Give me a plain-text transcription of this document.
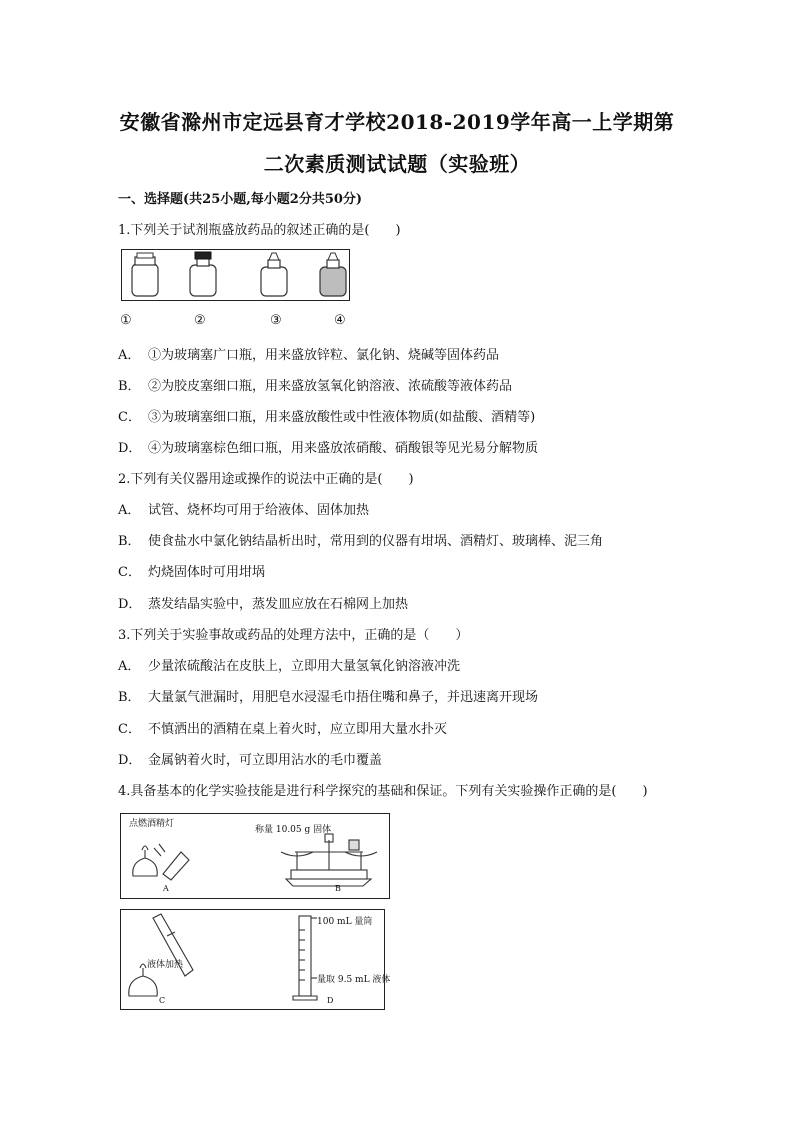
安徽省滁州市定远县育才学校2018-2019学年高一上学期第
二次素质测试试题（实验班）
一、选择题(共25小题,每小题2分共50分)
1.下列关于试剂瓶盛放药品的叙述正确的是(　　)
①	②	③	④
A． ①为玻璃塞广口瓶，用来盛放锌粒、氯化钠、烧碱等固体药品
B． ②为胶皮塞细口瓶，用来盛放氢氧化钠溶液、浓硫酸等液体药品
C． ③为玻璃塞细口瓶，用来盛放酸性或中性液体物质(如盐酸、酒精等)
D． ④为玻璃塞棕色细口瓶，用来盛放浓硝酸、硝酸银等见光易分解物质
2.下列有关仪器用途或操作的说法中正确的是(　　)
A． 试管、烧杯均可用于给液体、固体加热
B． 使食盐水中氯化钠结晶析出时，常用到的仪器有坩埚、酒精灯、玻璃棒、泥三角
C． 灼烧固体时可用坩埚
D． 蒸发结晶实验中，蒸发皿应放在石棉网上加热
3.下列关于实验事故或药品的处理方法中，正确的是（　　）
A． 少量浓硫酸沾在皮肤上，立即用大量氢氧化钠溶液冲洗
B． 大量氯气泄漏时，用肥皂水浸湿毛巾捂住嘴和鼻子，并迅速离开现场
C． 不慎洒出的酒精在桌上着火时，应立即用大量水扑灭
D． 金属钠着火时，可立即用沾水的毛巾覆盖
4.具备基本的化学实验技能是进行科学探究的基础和保证。下列有关实验操作正确的是(　　)
点燃酒精灯
称量 10.05 g 固体
A	B
液体加热
100 mL 量筒
量取 9.5 mL 液体
C	D
